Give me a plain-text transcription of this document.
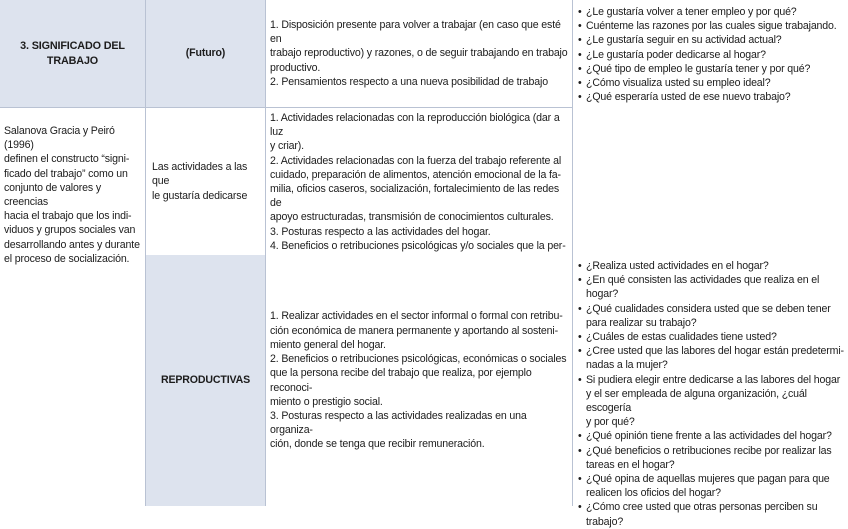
3. SIGNIFICADO DEL TRABAJO
(Futuro)
1. Disposición presente para volver a trabajar (en caso que esté en
trabajo reproductivo) y razones, o de seguir trabajando en trabajo
productivo.
2. Pensamientos respecto a una nueva posibilidad de trabajo
• ¿Le gustaría volver a tener empleo y por qué?
• Cuénteme las razones por las cuales sigue trabajando.
• ¿Le gustaría seguir en su actividad actual?
• ¿Le gustaría poder dedicarse al hogar?
• ¿Qué tipo de empleo le gustaría tener y por qué?
• ¿Cómo visualiza usted su empleo ideal?
• ¿Qué esperaría usted de ese nuevo trabajo?
Salanova Gracia y Peiró (1996)
definen el constructo “signi-
ficado del trabajo” como un
conjunto de valores y creencias
hacia el trabajo que los indi-
viduos y grupos sociales van
desarrollando antes y durante
el proceso de socialización.
Las actividades a las que
le gustaría dedicarse
1. Actividades relacionadas con la reproducción biológica (dar a luz
y criar).
2. Actividades relacionadas con la fuerza del trabajo referente al
cuidado, preparación de alimentos, atención emocional de la fa-
milia, oficios caseros, socialización, fortalecimiento de las redes de
apoyo estructuradas, transmisión de conocimientos culturales.
3. Posturas respecto a las actividades del hogar.
4. Beneficios o retribuciones psicológicas y/o sociales que la per-

REPRODUCTIVAS
1. Realizar actividades en el sector informal o formal con retribu-
ción económica de manera permanente y aportando al sosteni-
miento general del hogar.
2. Beneficios o retribuciones psicológicas, económicas o sociales
que la persona recibe del trabajo que realiza, por ejemplo reconoci-
miento o prestigio social.
3. Posturas respecto a las actividades realizadas en una organiza-
ción, donde se tenga que recibir remuneración.
• ¿Realiza usted actividades en el hogar?
• ¿En qué consisten las actividades que realiza en el hogar?
• ¿Qué cualidades considera usted que se deben tener
para realizar su trabajo?
• ¿Cuáles de estas cualidades tiene usted?
• ¿Cree usted que las labores del hogar están predetermi-
nadas a la mujer?
• Si pudiera elegir entre dedicarse a las labores del hogar
y el ser empleada de alguna organización, ¿cuál escogería
y por qué?
• ¿Qué opinión tiene frente a las actividades del hogar?
• ¿Qué beneficios o retribuciones recibe por realizar las
tareas en el hogar?
• ¿Qué opina de aquellas mujeres que pagan para que
realicen los oficios del hogar?
• ¿Cómo cree usted que otras personas perciben su
trabajo?
